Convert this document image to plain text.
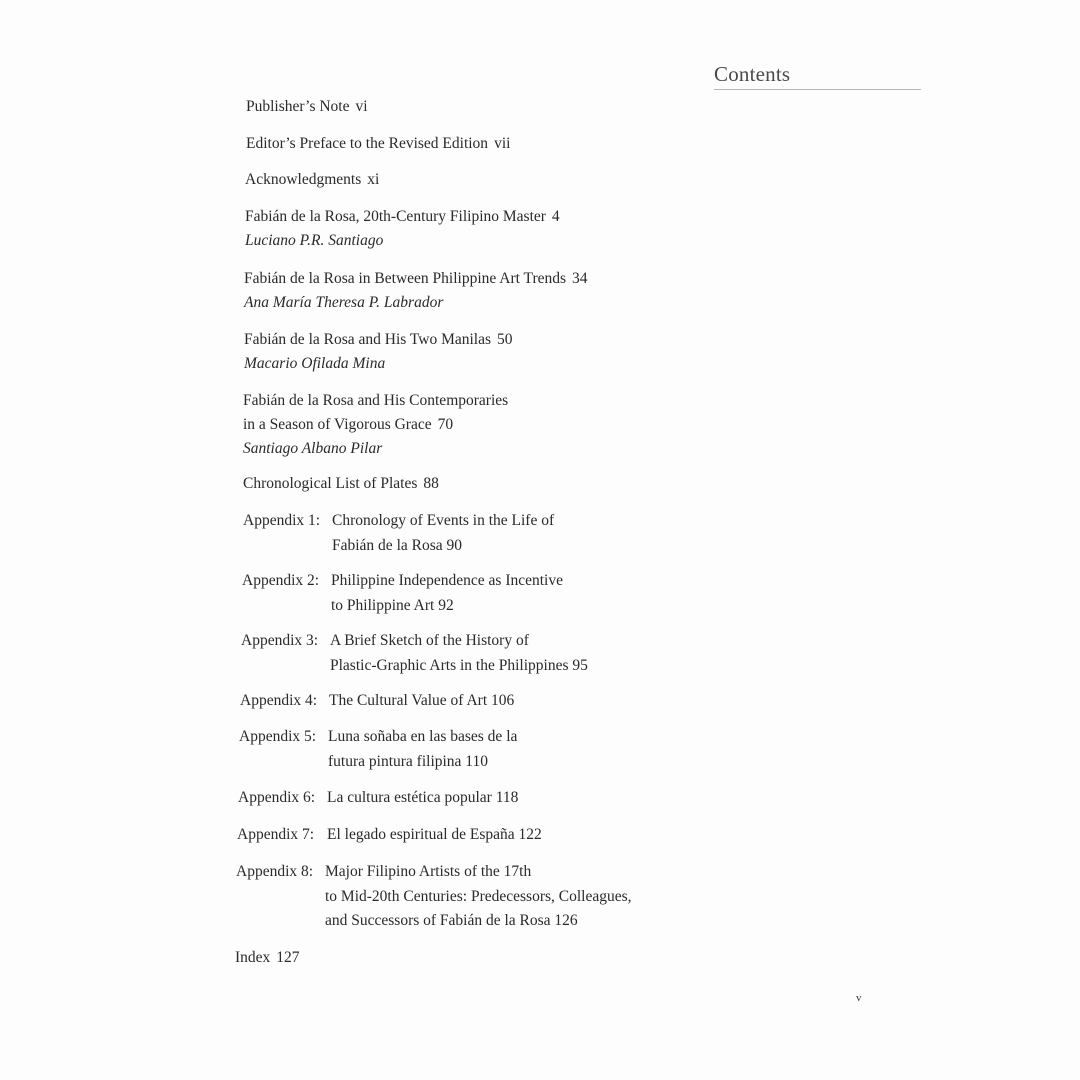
Contents
Publisher’s Note vi
Editor’s Preface to the Revised Edition vii
Acknowledgments xi
Fabián de la Rosa, 20th-Century Filipino Master 4
Luciano P.R. Santiago
Fabián de la Rosa in Between Philippine Art Trends 34
Ana María Theresa P. Labrador
Fabián de la Rosa and His Two Manilas 50
Macario Ofilada Mina
Fabián de la Rosa and His Contemporaries
in a Season of Vigorous Grace 70
Santiago Albano Pilar
Chronological List of Plates 88
Appendix 1: Chronology of Events in the Life of
Fabián de la Rosa 90
Appendix 2: Philippine Independence as Incentive
to Philippine Art 92
Appendix 3: A Brief Sketch of the History of
Plastic-Graphic Arts in the Philippines 95
Appendix 4: The Cultural Value of Art 106
Appendix 5: Luna soñaba en las bases de la
futura pintura filipina 110
Appendix 6: La cultura estética popular 118
Appendix 7: El legado espiritual de España 122
Appendix 8: Major Filipino Artists of the 17th
to Mid-20th Centuries: Predecessors, Colleagues,
and Successors of Fabián de la Rosa 126
Index 127
v
